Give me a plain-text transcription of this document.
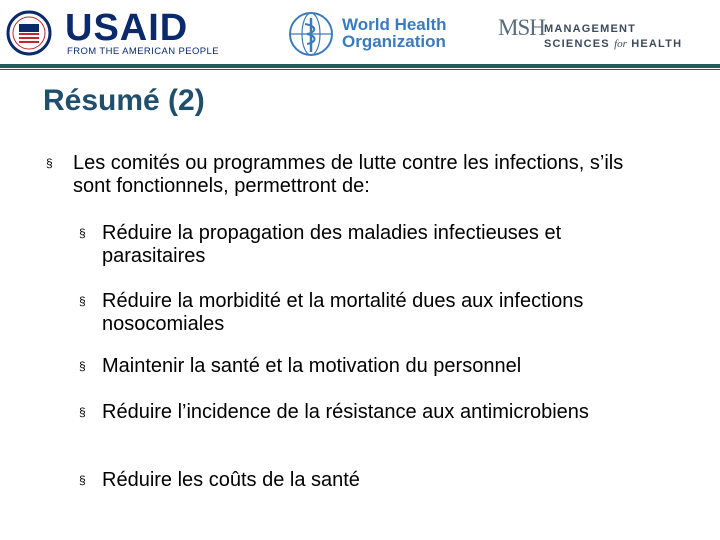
USAID
FROM THE AMERICAN PEOPLE
World Health
Organization
MSH MANAGEMENT
SCIENCES for HEALTH
Résumé (2)
§ Les comités ou programmes de lutte contre les infections, s’ils sont fonctionnels, permettront de:
§ Réduire la propagation des maladies infectieuses et parasitaires
§ Réduire la morbidité et la mortalité dues aux infections nosocomiales
§ Maintenir la santé et la motivation du personnel
§ Réduire l’incidence de la résistance aux antimicrobiens
§ Réduire les coûts de la santé
